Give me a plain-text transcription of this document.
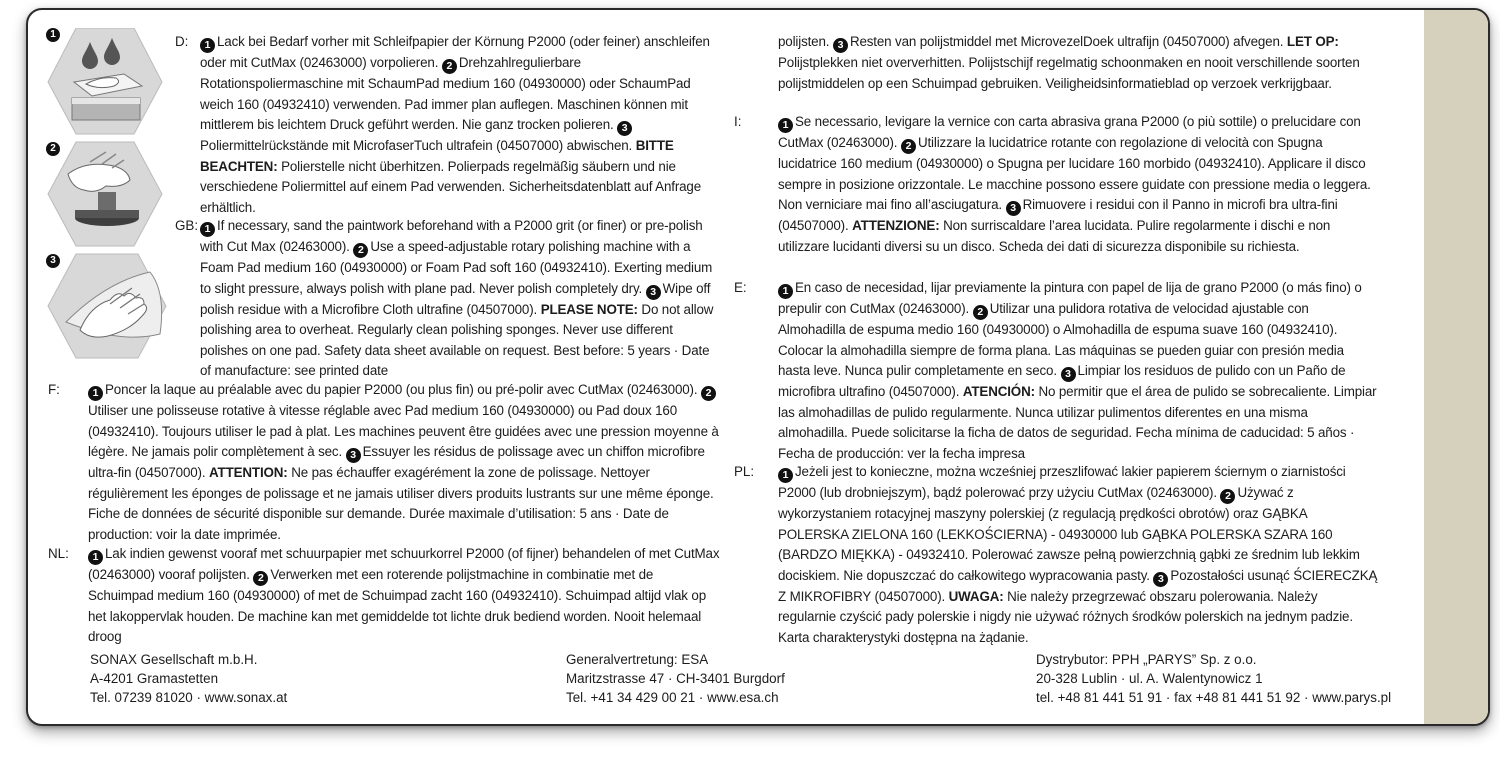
1
2
3
D:	1 Lack bei Bedarf vorher mit Schleifpapier der Körnung P2000 (oder feiner) anschleifen oder mit CutMax (02463000) vorpolieren. 2 Drehzahlregulierbare Rotationspoliermaschine mit SchaumPad medium 160 (04930000) oder SchaumPad weich 160 (04932410) verwenden. Pad immer plan auflegen. Maschinen können mit mittlerem bis leichtem Druck geführt werden. Nie ganz trocken polieren. 3Poliermittelrückstände mit MicrofaserTuch ultrafein (04507000) abwischen. BITTE BEACHTEN: Polierstelle nicht überhitzen. Polierpads regelmäßig säubern und nie verschiedene Poliermittel auf einem Pad verwenden. Sicherheitsdatenblatt auf Anfrage erhältlich.
GB: 1 If necessary, sand the paintwork beforehand with a P2000 grit (or finer) or pre-polish with Cut Max (02463000). 2 Use a speed-adjustable rotary polishing machine with a Foam Pad medium 160 (04930000) or Foam Pad soft 160 (04932410). Exerting medium to slight pressure, always polish with plane pad. Never polish completely dry. 3 Wipe off polish residue with a Microfibre Cloth ultrafine (04507000). PLEASE NOTE: Do not allow polishing area to overheat. Regularly clean polishing sponges. Never use different polishes on one pad. Safety data sheet available on request. Best before: 5 years · Date of manufacture: see printed date
F:	1 Poncer la laque au préalable avec du papier P2000 (ou plus fin) ou pré-polir avec CutMax (02463000). 2Utiliser une polisseuse rotative à vitesse réglable avec Pad medium 160 (04930000) ou Pad doux 160 (04932410). Toujours utiliser le pad à plat. Les machines peuvent être guidées avec une pression moyenne à légère. Ne jamais polir complètement à sec. 3 Essuyer les résidus de polissage avec un chiffon microfibre ultra-fin (04507000). ATTENTION: Ne pas échauffer exagérément la zone de polissage. Nettoyer régulièrement les éponges de polissage et ne jamais utiliser divers produits lustrants sur une même éponge. Fiche de données de sécurité disponible sur demande. Durée maximale d’utilisation: 5 ans · Date de production: voir la date imprimée.
NL:	1 Lak indien gewenst vooraf met schuurpapier met schuurkorrel P2000 (of fijner) behandelen of met CutMax (02463000) vooraf polijsten. 2 Verwerken met een roterende polijstmachine in combinatie met de Schuimpad medium 160 (04930000) of met de Schuimpad zacht 160 (04932410). Schuimpad altijd vlak op het lakoppervlak houden. De machine kan met gemiddelde tot lichte druk bediend worden. Nooit helemaal droog
polijsten. 3 Resten van polijstmiddel met MicrovezelDoek ultrafijn (04507000) afvegen. LET OP: Polijstplekken niet oververhitten. Polijstschijf regelmatig schoonmaken en nooit verschillende soorten polijstmiddelen op een Schuimpad gebruiken. Veiligheidsinformatieblad op verzoek verkrijgbaar.
I:	1 Se necessario, levigare la vernice con carta abrasiva grana P2000 (o più sottile) o prelucidare con CutMax (02463000). 2 Utilizzare la lucidatrice rotante con regolazione di velocità con Spugna lucidatrice 160 medium (04930000) o Spugna per lucidare 160 morbido (04932410). Applicare il disco sempre in posizione orizzontale. Le macchine possono essere guidate con pressione media o leggera. Non verniciare mai fino all’asciugatura. 3 Rimuovere i residui con il Panno in microfi bra ultra-fini (04507000). ATTENZIONE: Non surriscaldare l’area lucidata. Pulire regolarmente i dischi e non utilizzare lucidanti diversi su un disco. Scheda dei dati di sicurezza disponibile su richiesta.
E:	1 En caso de necesidad, lijar previamente la pintura con papel de lija de grano P2000 (o más fino) o prepulir con CutMax (02463000). 2 Utilizar una pulidora rotativa de velocidad ajustable con Almohadilla de espuma medio 160 (04930000) o Almohadilla de espuma suave 160 (04932410). Colocar la almohadilla siempre de forma plana. Las máquinas se pueden guiar con presión media hasta leve. Nunca pulir completamente en seco. 3 Limpiar los residuos de pulido con un Paño de microfibra ultrafino (04507000). ATENCIÓN: No permitir que el área de pulido se sobrecaliente. Limpiar las almohadillas de pulido regularmente. Nunca utilizar pulimentos diferentes en una misma almohadilla. Puede solicitarse la ficha de datos de seguridad. Fecha mínima de caducidad: 5 años · Fecha de producción: ver la fecha impresa
PL:	1 Jeżeli jest to konieczne, można wcześniej przeszlifować lakier papierem ściernym o ziarnistości P2000 (lub drobniejszym), bądź polerować przy użyciu CutMax (02463000). 2 Używać z wykorzystaniem rotacyjnej maszyny polerskiej (z regulacją prędkości obrotów) oraz GĄBKA POLERSKA ZIELONA 160 (LEKKOŚCIERNA) - 04930000 lub GĄBKA POLERSKA SZARA 160 (BARDZO MIĘKKA) - 04932410. Polerować zawsze pełną powierzchnią gąbki ze średnim lub lekkim dociskiem. Nie dopuszczać do całkowitego wypracowania pasty. 3 Pozostałości usunąć ŚCIERECZKĄ Z MIKROFIBRY (04507000). UWAGA: Nie należy przegrzewać obszaru polerowania. Należy regularnie czyścić pady polerskie i nigdy nie używać różnych środków polerskich na jednym padzie. Karta charakterystyki dostępna na żądanie.
SONAX Gesellschaft m.b.H.
A-4201 Gramastetten
Tel. 07239 81020 · www.sonax.at
Generalvertretung: ESA
Maritzstrasse 47 · CH-3401 Burgdorf
Tel. +41 34 429 00 21 · www.esa.ch
Dystrybutor: PPH „PARYS” Sp. z o.o.
20-328 Lublin · ul. A. Walentynowicz 1
tel. +48 81 441 51 91 · fax +48 81 441 51 92 · www.parys.pl
